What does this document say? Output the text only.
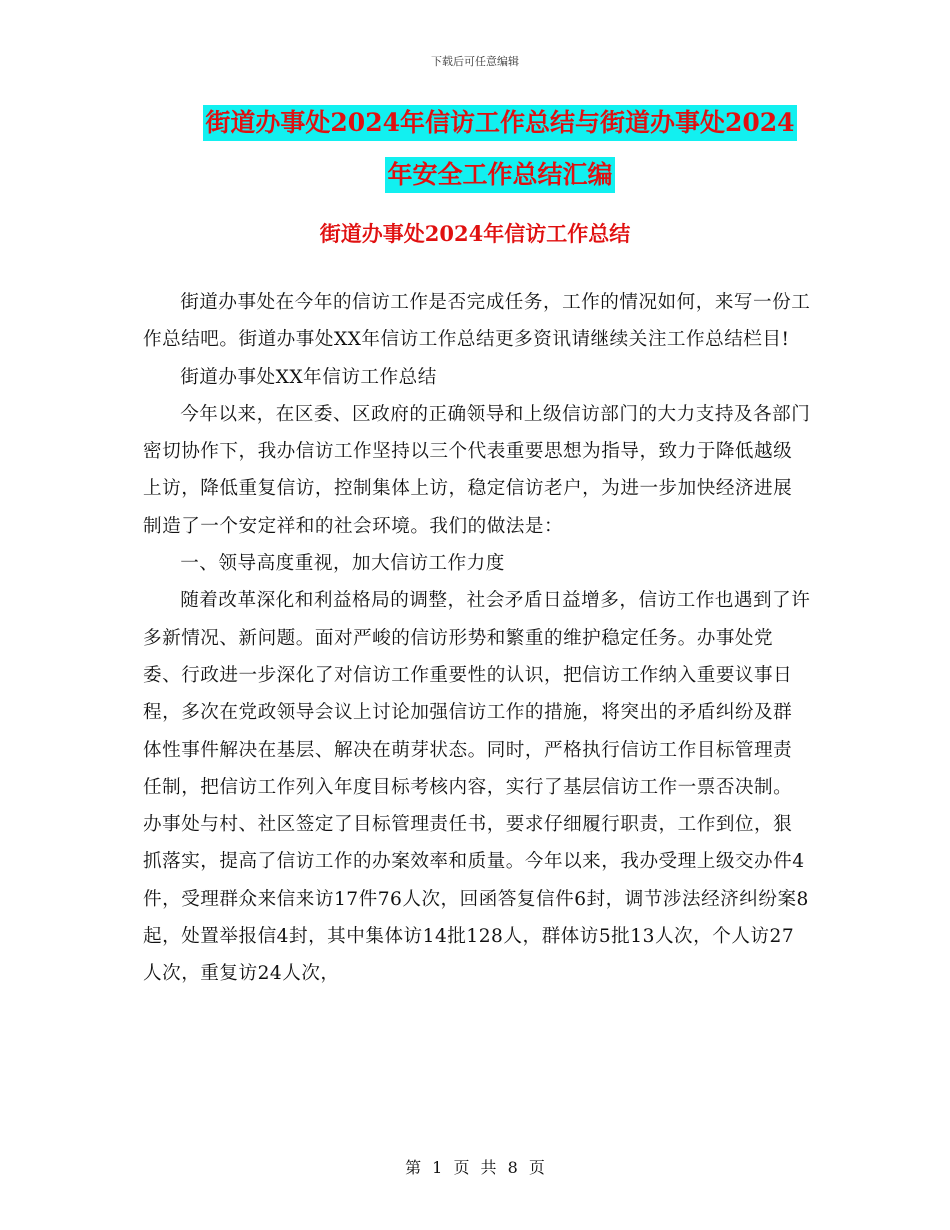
下载后可任意编辑
街道办事处2024年信访工作总结与街道办事处2024
年安全工作总结汇编
街道办事处2024年信访工作总结

街道办事处在今年的信访工作是否完成任务，工作的情况如何，来写一份工作总结吧。街道办事处XX年信访工作总结更多资讯请继续关注工作总结栏目!

街道办事处XX年信访工作总结

今年以来，在区委、区政府的正确领导和上级信访部门的大力支持及各部门密切协作下，我办信访工作坚持以三个代表重要思想为指导，致力于降低越级上访，降低重复信访，控制集体上访，稳定信访老户，为进一步加快经济进展制造了一个安定祥和的社会环境。我们的做法是：

一、领导高度重视，加大信访工作力度

随着改革深化和利益格局的调整，社会矛盾日益增多，信访工作也遇到了许多新情况、新问题。面对严峻的信访形势和繁重的维护稳定任务。办事处党委、行政进一步深化了对信访工作重要性的认识，把信访工作纳入重要议事日程，多次在党政领导会议上讨论加强信访工作的措施，将突出的矛盾纠纷及群体性事件解决在基层、解决在萌芽状态。同时，严格执行信访工作目标管理责任制，把信访工作列入年度目标考核内容，实行了基层信访工作一票否决制。办事处与村、社区签定了目标管理责任书，要求仔细履行职责，工作到位，狠抓落实，提高了信访工作的办案效率和质量。今年以来，我办受理上级交办件4件，受理群众来信来访17件76人次，回函答复信件6封，调节涉法经济纠纷案8起，处置举报信4封，其中集体访14批128人，群体访5批13人次，个人访27人次，重复访24人次，

第 1 页 共 8 页
